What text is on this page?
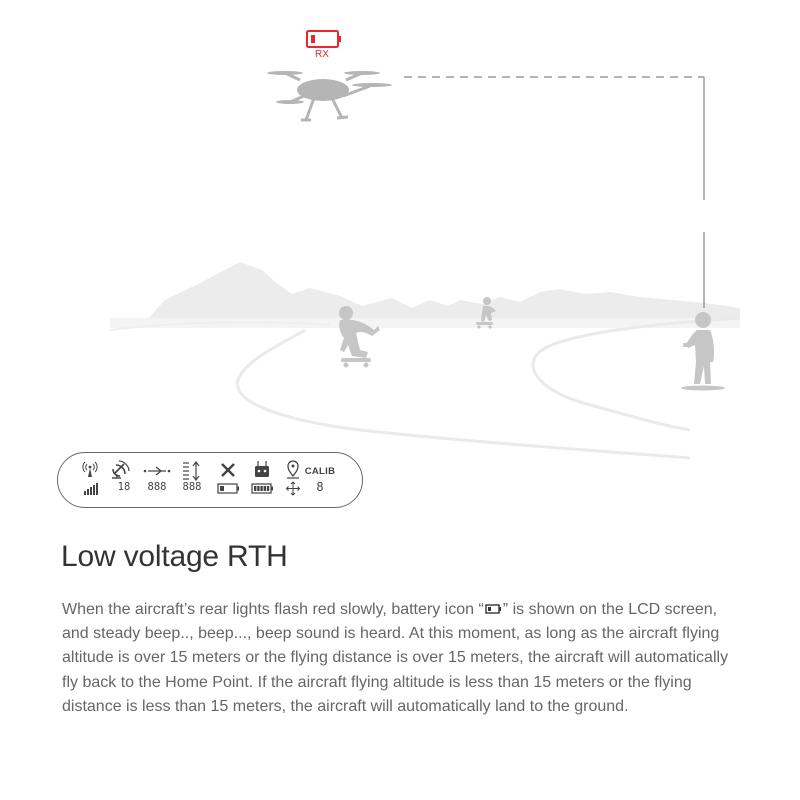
RX
18	888	888
CALIB
8
Low voltage RTH

When the aircraft’s rear lights flash red slowly, battery icon “ ” is shown on the LCD screen, and steady beep.., beep..., beep sound is heard. At this moment, as long as the aircraft flying altitude is over 15 meters or the flying distance is over 15 meters, the aircraft will automatically fly back to the Home Point. If the aircraft flying altitude is less than 15 meters or the flying distance is less than 15 meters, the aircraft will automatically land to the ground.
